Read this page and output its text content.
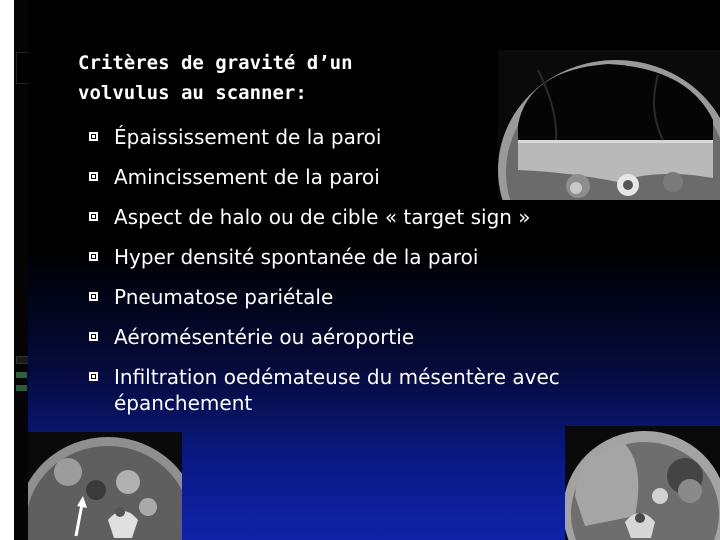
Critères de gravité d’un
volvulus au scanner:
Épaississement de la paroi
Amincissement de la paroi
Aspect de halo ou de cible « target sign »
Hyper densité spontanée de la paroi
Pneumatose pariétale
Aéromésentérie ou aéroportie
Infiltration oedémateuse du mésentère avec épanchement
